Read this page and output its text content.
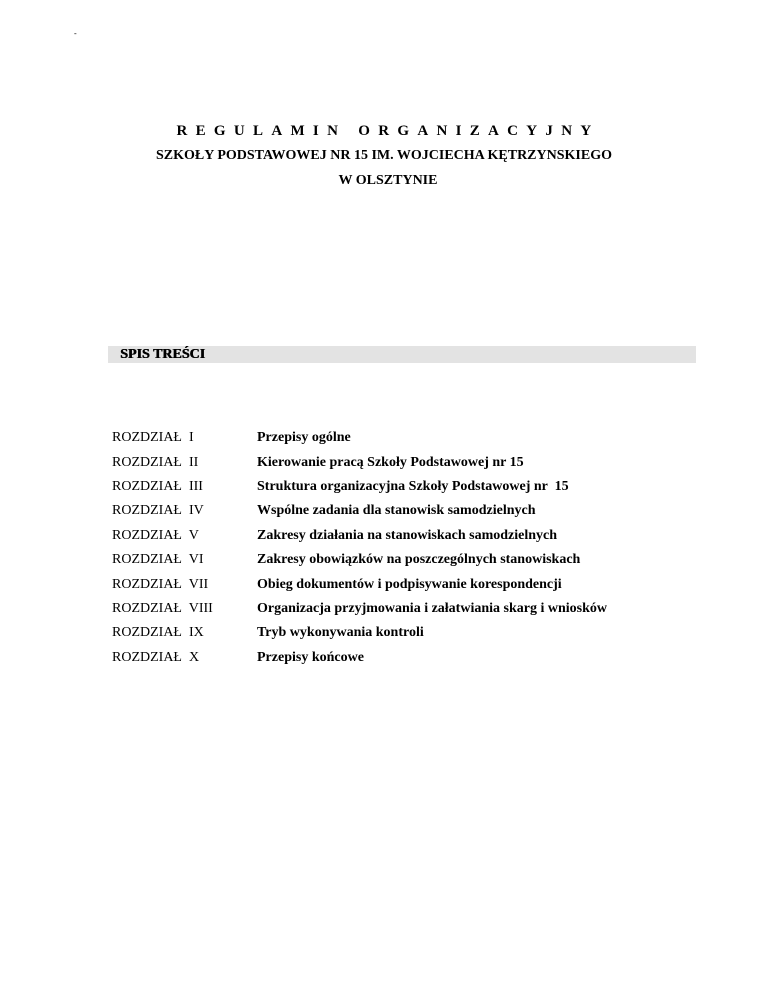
-
REGULAMIN ORGANIZACYJNY
SZKOŁY PODSTAWOWEJ NR 15 IM. WOJCIECHA KĘTRZYNSKIEGO
W OLSZTYNIE
SPIS TREŚCI
ROZDZIAŁ  I	Przepisy ogólne
ROZDZIAŁ  II	Kierowanie pracą Szkoły Podstawowej nr 15
ROZDZIAŁ  III	Struktura organizacyjna Szkoły Podstawowej nr  15
ROZDZIAŁ  IV	Wspólne zadania dla stanowisk samodzielnych
ROZDZIAŁ  V	Zakresy działania na stanowiskach samodzielnych
ROZDZIAŁ  VI	Zakresy obowiązków na poszczególnych stanowiskach
ROZDZIAŁ  VII	Obieg dokumentów i podpisywanie korespondencji
ROZDZIAŁ  VIII	Organizacja przyjmowania i załatwiania skarg i wniosków
ROZDZIAŁ  IX	Tryb wykonywania kontroli
ROZDZIAŁ  X	Przepisy końcowe
